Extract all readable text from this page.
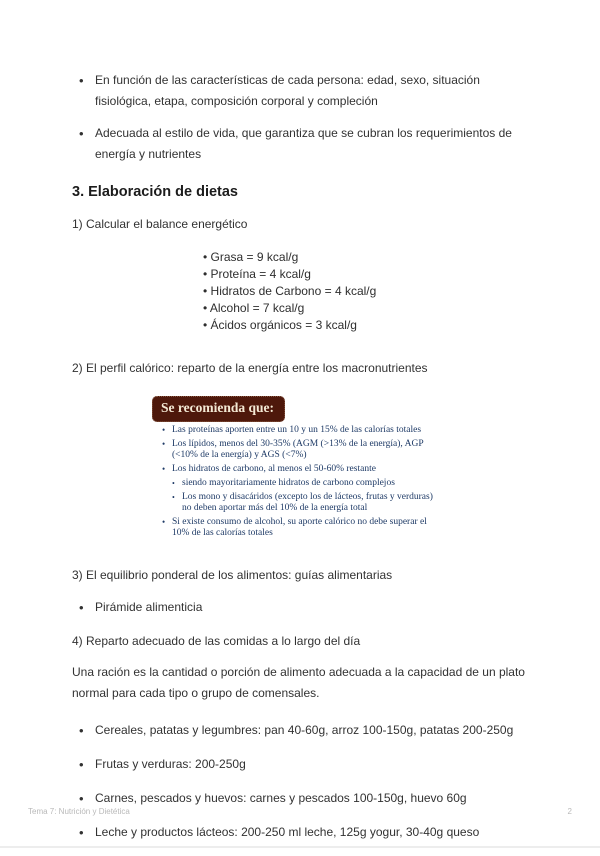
• En función de las características de cada persona: edad, sexo, situación fisiológica, etapa, composición corporal y compleción
• Adecuada al estilo de vida, que garantiza que se cubran los requerimientos de energía y nutrientes
3. Elaboración de dietas
1) Calcular el balance energético
• Grasa = 9 kcal/g
• Proteína = 4 kcal/g
• Hidratos de Carbono = 4 kcal/g
• Alcohol = 7 kcal/g
• Ácidos orgánicos = 3 kcal/g
2) El perfil calórico: reparto de la energía entre los macronutrientes
Se recomienda que:
• Las proteínas aporten entre un 10 y un 15% de las calorías totales
• Los lípidos, menos del 30-35% (AGM (>13% de la energía), AGP (<10% de la energía) y AGS (<7%)
• Los hidratos de carbono, al menos el 50-60% restante
• siendo mayoritariamente hidratos de carbono complejos
• Los mono y disacáridos (excepto los de lácteos, frutas y verduras) no deben aportar más del 10% de la energía total
• Si existe consumo de alcohol, su aporte calórico no debe superar el 10% de las calorías totales
3) El equilibrio ponderal de los alimentos: guías alimentarias
• Pirámide alimenticia
4) Reparto adecuado de las comidas a lo largo del día
Una ración es la cantidad o porción de alimento adecuada a la capacidad de un plato normal para cada tipo o grupo de comensales.
• Cereales, patatas y legumbres: pan 40-60g, arroz 100-150g, patatas 200-250g
• Frutas y verduras: 200-250g
• Carnes, pescados y huevos: carnes y pescados 100-150g, huevo 60g
• Leche y productos lácteos: 200-250 ml leche, 125g yogur, 30-40g queso
Tema 7: Nutrición y Dietética	2
